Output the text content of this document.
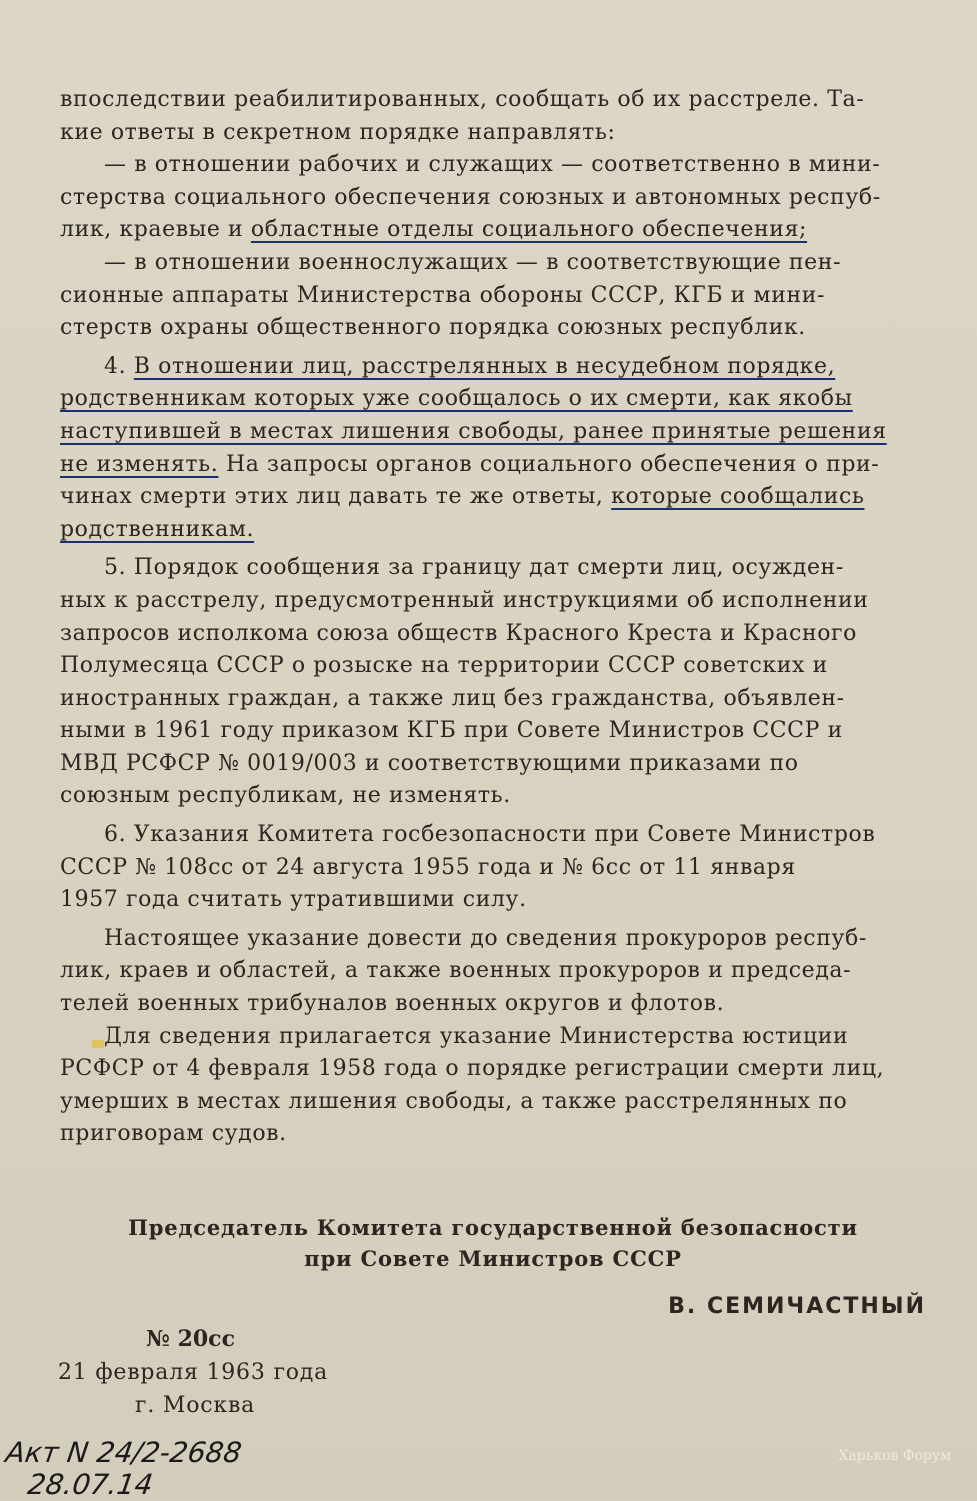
впоследствии реабилитированных, сообщать об их расстреле. Та-
кие ответы в секретном порядке направлять:

— в отношении рабочих и служащих — соответственно в мини-
стерства социального обеспечения союзных и автономных респуб-
лик, краевые и областные отделы социального обеспечения;

— в отношении военнослужащих — в соответствующие пен-
сионные аппараты Министерства обороны СССР, КГБ и мини-
стерств охраны общественного порядка союзных республик.

4. В отношении лиц, расстрелянных в несудебном порядке,
родственникам которых уже сообщалось о их смерти, как якобы
наступившей в местах лишения свободы, ранее принятые решения
не изменять. На запросы органов социального обеспечения о при-
чинах смерти этих лиц давать те же ответы, которые сообщались
родственникам.

5. Порядок сообщения за границу дат смерти лиц, осужден-
ных к расстрелу, предусмотренный инструкциями об исполнении
запросов исполкома союза обществ Красного Креста и Красного
Полумесяца СССР о розыске на территории СССР советских и
иностранных граждан, а также лиц без гражданства, объявлен-
ными в 1961 году приказом КГБ при Совете Министров СССР и
МВД РСФСР № 0019/003 и соответствующими приказами по
союзным республикам, не изменять.

6. Указания Комитета госбезопасности при Совете Министров
СССР № 108сс от 24 августа 1955 года и № 6сс от 11 января
1957 года считать утратившими силу.

Настоящее указание довести до сведения прокуроров респуб-
лик, краев и областей, а также военных прокуроров и председа-
телей военных трибуналов военных округов и флотов.

Для сведения прилагается указание Министерства юстиции
РСФСР от 4 февраля 1958 года о порядке регистрации смерти лиц,
умерших в местах лишения свободы, а также расстрелянных по
приговорам судов.

Председатель Комитета государственной безопасности
при Совете Министров СССР
В. СЕМИЧАСТНЫЙ
№ 20сс
21 февраля 1963 года
г. Москва
Акт N 24/2-2688
28.07.14
Харьков Форум
